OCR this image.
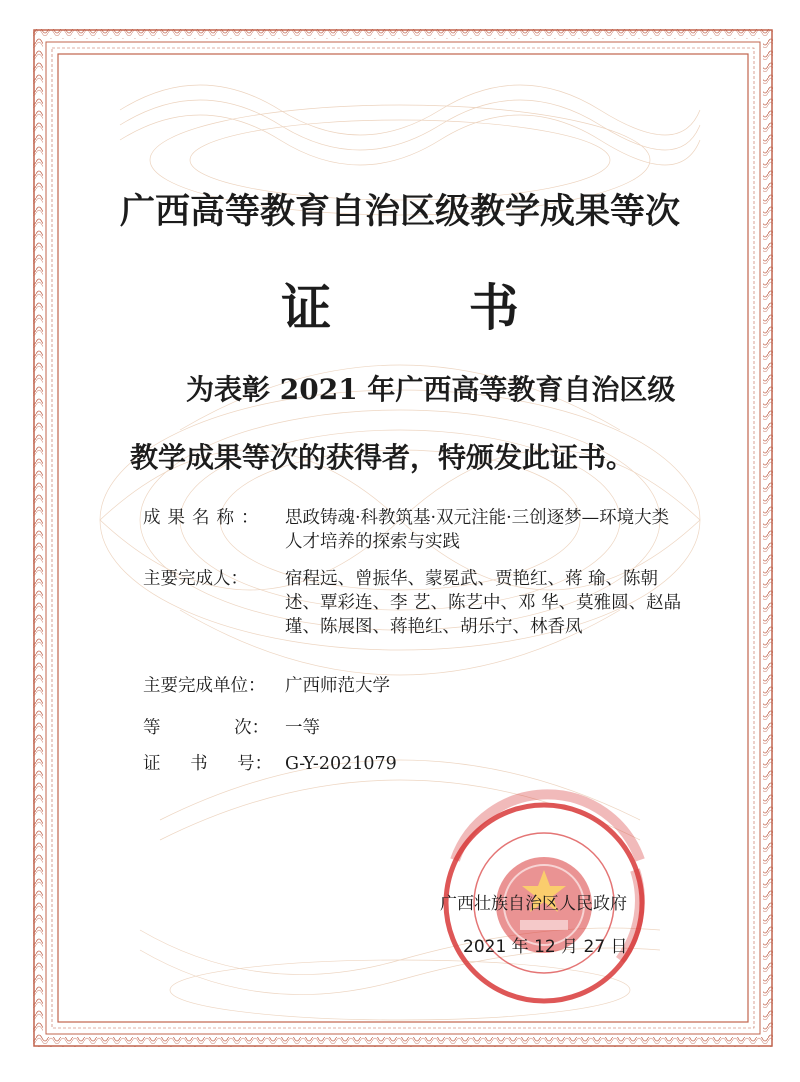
广西高等教育自治区级教学成果等次
证 书
为表彰 2021 年广西高等教育自治区级教学成果等次的获得者，特颁发此证书。
成果名称：	思政铸魂·科教筑基·双元注能·三创逐梦—环境大类人才培养的探索与实践
主要完成人：	宿程远、曾振华、蒙冕武、贾艳红、蒋 瑜、陈朝述、覃彩连、李 艺、陈艺中、邓 华、莫雅圆、赵晶瑾、陈展图、蒋艳红、胡乐宁、林香凤
主要完成单位：	广西师范大学
等 次： 一等
证 书 号： G-Y-2021079
广西壮族自治区人民政府
2021 年 12 月 27 日
